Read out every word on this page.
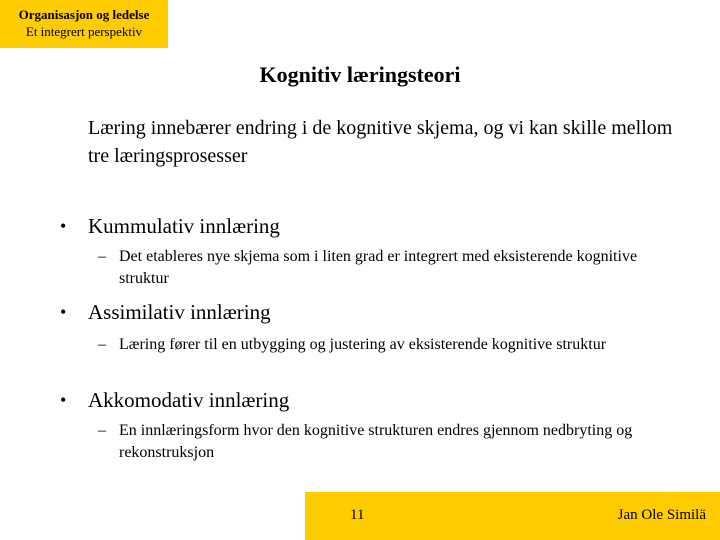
Organisasjon og ledelse
Et integrert perspektiv
Kognitiv læringsteori
Læring innebærer endring i de kognitive skjema, og vi kan skille mellom tre læringsprosesser
• Kummulativ innlæring
– Det etableres nye skjema som i liten grad er integrert med eksisterende kognitive struktur
• Assimilativ innlæring
– Læring fører til en utbygging og justering av eksisterende kognitive struktur
• Akkomodativ innlæring
– En innlæringsform hvor den kognitive strukturen endres gjennom nedbryting og rekonstruksjon
11	Jan Ole Similä
